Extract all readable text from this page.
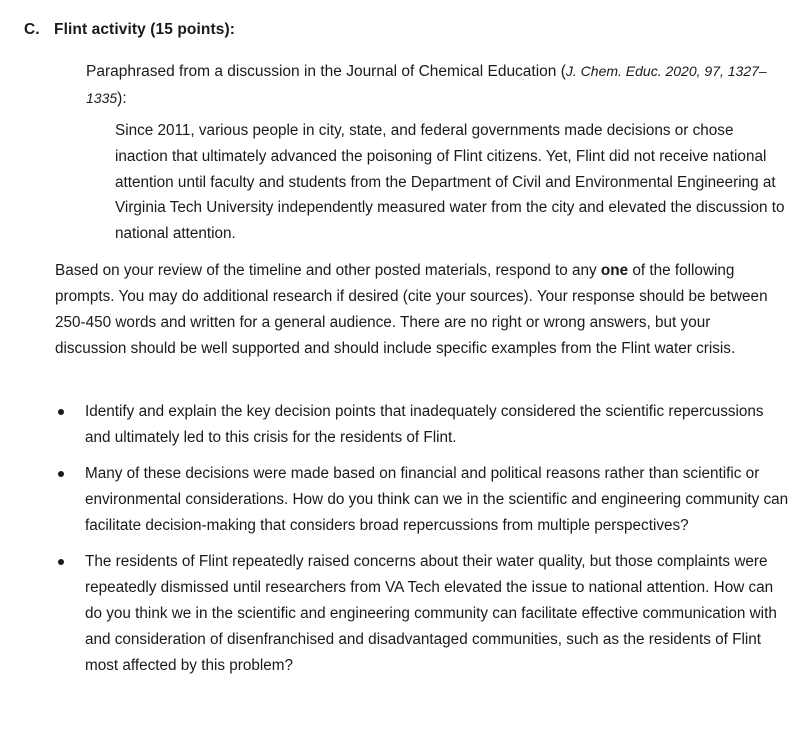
C. Flint activity (15 points):
Paraphrased from a discussion in the Journal of Chemical Education (J. Chem. Educ. 2020, 97, 1327–1335):
Since 2011, various people in city, state, and federal governments made decisions or chose inaction that ultimately advanced the poisoning of Flint citizens. Yet, Flint did not receive national attention until faculty and students from the Department of Civil and Environmental Engineering at Virginia Tech University independently measured water from the city and elevated the discussion to national attention.
Based on your review of the timeline and other posted materials, respond to any one of the following prompts. You may do additional research if desired (cite your sources). Your response should be between 250-450 words and written for a general audience. There are no right or wrong answers, but your discussion should be well supported and should include specific examples from the Flint water crisis.
Identify and explain the key decision points that inadequately considered the scientific repercussions and ultimately led to this crisis for the residents of Flint.
Many of these decisions were made based on financial and political reasons rather than scientific or environmental considerations. How do you think can we in the scientific and engineering community can facilitate decision-making that considers broad repercussions from multiple perspectives?
The residents of Flint repeatedly raised concerns about their water quality, but those complaints were repeatedly dismissed until researchers from VA Tech elevated the issue to national attention. How can do you think we in the scientific and engineering community can facilitate effective communication with and consideration of disenfranchised and disadvantaged communities, such as the residents of Flint most affected by this problem?
